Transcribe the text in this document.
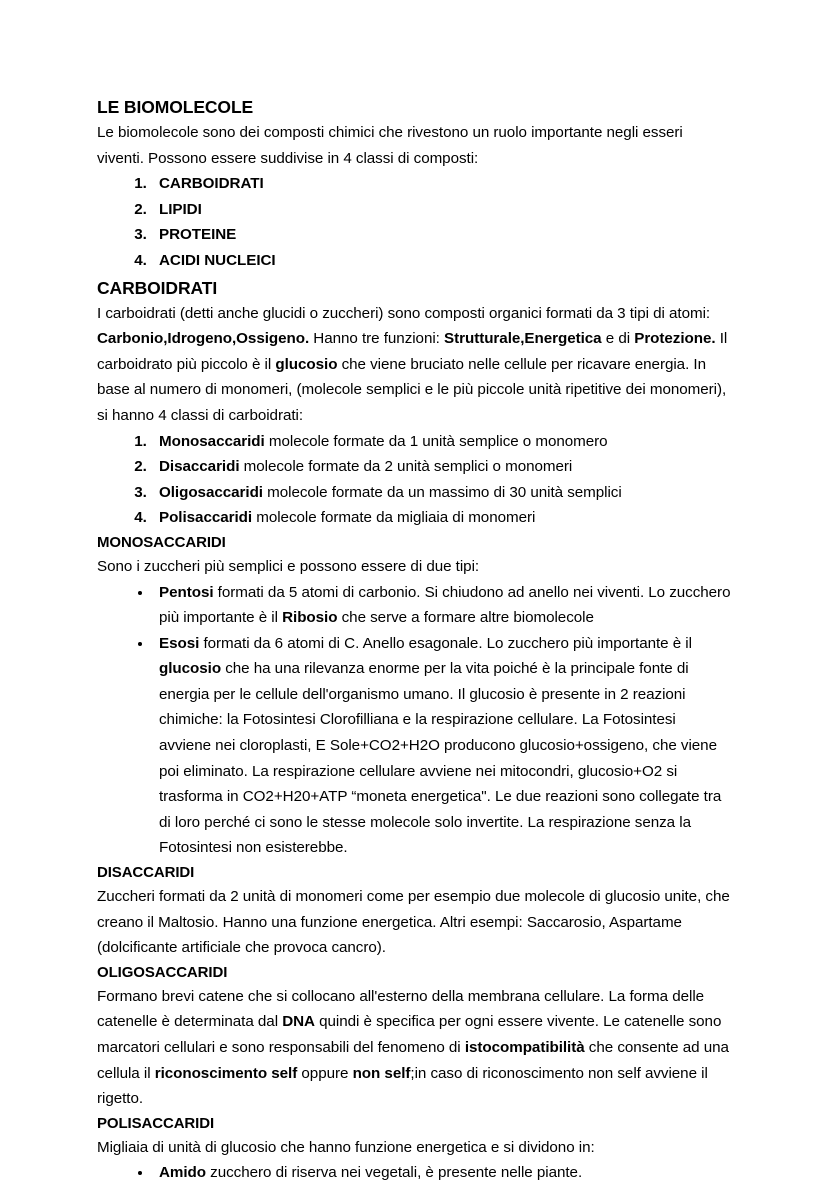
LE BIOMOLECOLE

Le biomolecole sono dei composti chimici che rivestono un ruolo importante negli esseri viventi. Possono essere suddivise in 4 classi di composti:

1. CARBOIDRATI
2. LIPIDI
3. PROTEINE
4. ACIDI NUCLEICI
CARBOIDRATI

I carboidrati (detti anche glucidi o zuccheri) sono composti organici formati da 3 tipi di atomi: Carbonio,Idrogeno,Ossigeno. Hanno tre funzioni: Strutturale,Energetica e di Protezione. Il carboidrato più piccolo è il glucosio che viene bruciato nelle cellule per ricavare energia. In base al numero di monomeri, (molecole semplici e le più piccole unità ripetitive dei monomeri), si hanno 4 classi di carboidrati:

1. Monosaccaridi molecole formate da 1 unità semplice o monomero
2. Disaccaridi molecole formate da 2 unità semplici o monomeri
3. Oligosaccaridi molecole formate da un massimo di 30 unità semplici
4. Polisaccaridi molecole formate da migliaia di monomeri
MONOSACCARIDI

Sono i zuccheri più semplici e possono essere di due tipi:

• Pentosi formati da 5 atomi di carbonio. Si chiudono ad anello nei viventi. Lo zucchero più importante è il Ribosio che serve a formare altre biomolecole
• Esosi formati da 6 atomi di C. Anello esagonale. Lo zucchero più importante è il glucosio che ha una rilevanza enorme per la vita poiché è la principale fonte di energia per le cellule dell'organismo umano. Il glucosio è presente in 2 reazioni chimiche: la Fotosintesi Clorofilliana e la respirazione cellulare. La Fotosintesi avviene nei cloroplasti, E Sole+CO2+H2O producono glucosio+ossigeno, che viene poi eliminato. La respirazione cellulare avviene nei mitocondri, glucosio+O2 si trasforma in CO2+H20+ATP “moneta energetica". Le due reazioni sono collegate tra di loro perché ci sono le stesse molecole solo invertite. La respirazione senza la Fotosintesi non esisterebbe.
DISACCARIDI

Zuccheri formati da 2 unità di monomeri come per esempio due molecole di glucosio unite, che creano il Maltosio. Hanno una funzione energetica. Altri esempi: Saccarosio, Aspartame (dolcificante artificiale che provoca cancro).

OLIGOSACCARIDI

Formano brevi catene che si collocano all'esterno della membrana cellulare. La forma delle catenelle è determinata dal DNA quindi è specifica per ogni essere vivente. Le catenelle sono marcatori cellulari e sono responsabili del fenomeno di istocompatibilità che consente ad una cellula il riconoscimento self oppure non self;in caso di riconoscimento non self avviene il rigetto.

POLISACCARIDI

Migliaia di unità di glucosio che hanno funzione energetica e si dividono in:

• Amido zucchero di riserva nei vegetali, è presente nelle piante.
